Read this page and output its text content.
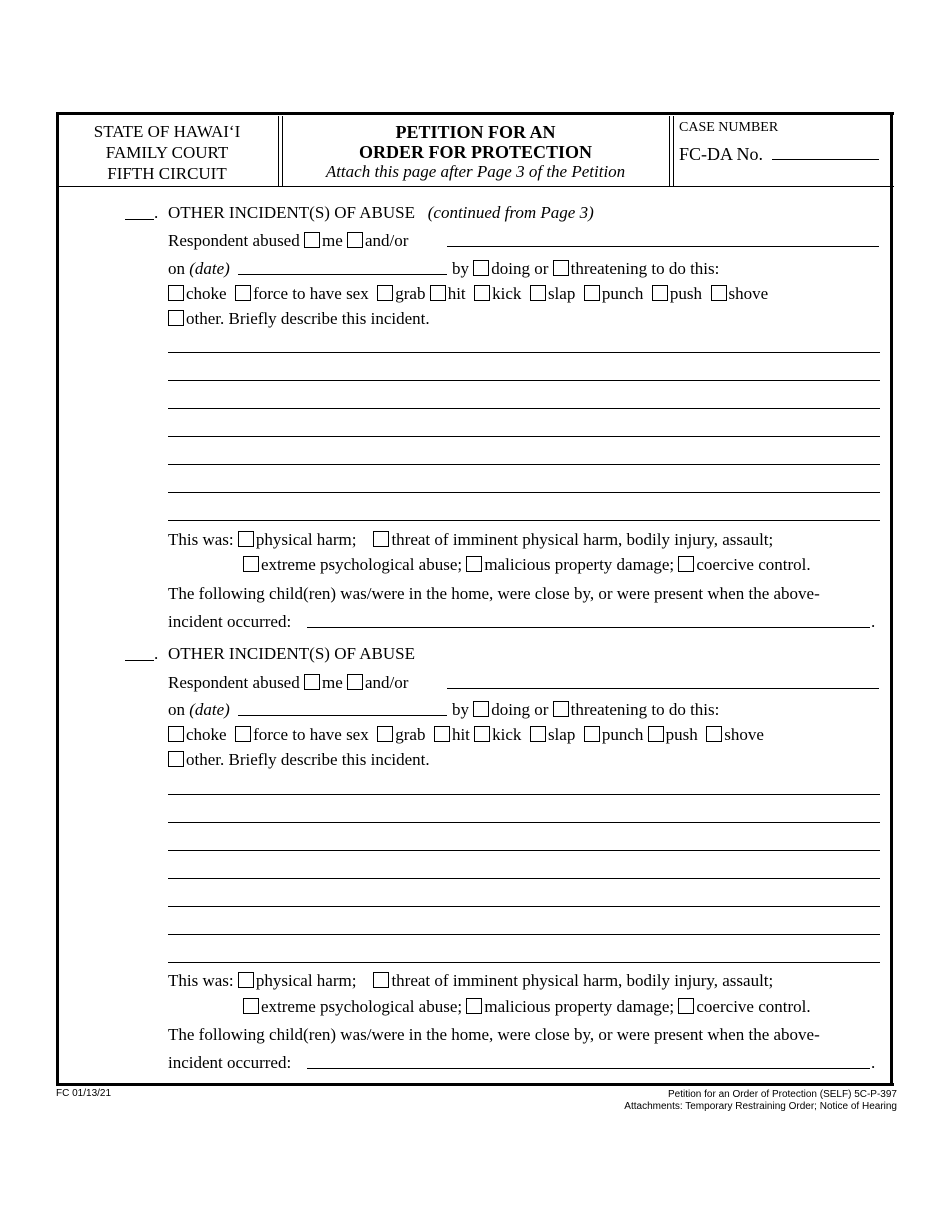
STATE OF HAWAI‘I
FAMILY COURT
FIFTH CIRCUIT
PETITION FOR AN
ORDER FOR PROTECTION
Attach this page after Page 3 of the Petition
CASE NUMBER
FC-DA No.
. OTHER INCIDENT(S) OF ABUSE (continued from Page 3)
Respondent abused me and/or
on (date)	by doing or threatening to do this:
choke force to have sex grab hit kick slap punch push shove
other. Briefly describe this incident.
This was: physical harm; threat of imminent physical harm, bodily injury, assault;
extreme psychological abuse; malicious property damage; coercive control.
The following child(ren) was/were in the home, were close by, or were present when the above-
incident occurred:	.
. OTHER INCIDENT(S) OF ABUSE
Respondent abused me and/or
on (date)	by doing or threatening to do this:
choke force to have sex grab hit kick slap punch push shove
other. Briefly describe this incident.
This was: physical harm; threat of imminent physical harm, bodily injury, assault;
extreme psychological abuse; malicious property damage; coercive control.
The following child(ren) was/were in the home, were close by, or were present when the above-
incident occurred:	.
FC 01/13/21	Petition for an Order of Protection (SELF) 5C-P-397
Attachments: Temporary Restraining Order; Notice of Hearing
